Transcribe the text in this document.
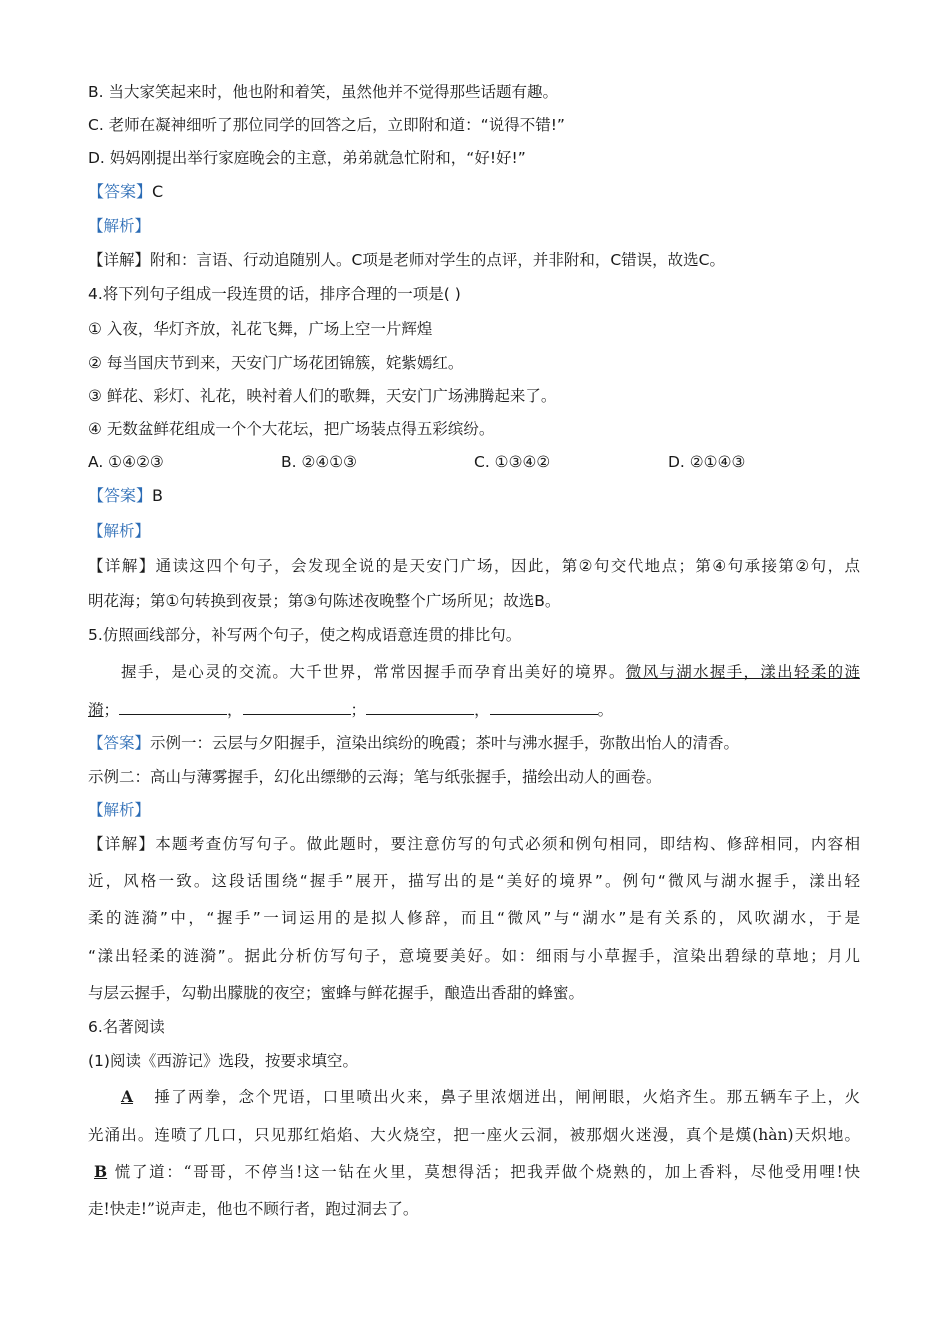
B. 当大家笑起来时，他也附和着笑，虽然他并不觉得那些话题有趣。
C. 老师在凝神细听了那位同学的回答之后，立即附和道：“说得不错!”
D. 妈妈刚提出举行家庭晚会的主意，弟弟就急忙附和，“好!好!”
【答案】C
【解析】
【详解】附和：言语、行动追随别人。C项是老师对学生的点评，并非附和，C错误，故选C。
4.将下列句子组成一段连贯的话，排序合理的一项是( )
① 入夜，华灯齐放，礼花飞舞，广场上空一片辉煌
② 每当国庆节到来，天安门广场花团锦簇，姹紫嫣红。
③ 鲜花、彩灯、礼花，映衬着人们的歌舞，天安门广场沸腾起来了。
④ 无数盆鲜花组成一个个大花坛，把广场装点得五彩缤纷。
A. ①④②③	B. ②④①③	C. ①③④②	D. ②①④③
【答案】B
【解析】
【详解】通读这四个句子，会发现全说的是天安门广场，因此，第②句交代地点；第④句承接第②句，点
明花海；第①句转换到夜景；第③句陈述夜晚整个广场所见；故选B。
5.仿照画线部分，补写两个句子，使之构成语意连贯的排比句。
握手，是心灵的交流。大千世界，常常因握手而孕育出美好的境界。微风与湖水握手，漾出轻柔的涟
漪；	，	；	，	。
【答案】示例一：云层与夕阳握手，渲染出缤纷的晚霞；茶叶与沸水握手，弥散出怡人的清香。
示例二：高山与薄雾握手，幻化出缥缈的云海；笔与纸张握手，描绘出动人的画卷。
【解析】
【详解】本题考查仿写句子。做此题时，要注意仿写的句式必须和例句相同，即结构、修辞相同，内容相
近，风格一致。这段话围绕“握手”展开，描写出的是“美好的境界”。例句“微风与湖水握手，漾出轻
柔的涟漪”中，“握手”一词运用的是拟人修辞，而且“微风”与“湖水”是有关系的，风吹湖水，于是
“漾出轻柔的涟漪”。据此分析仿写句子，意境要美好。如：细雨与小草握手，渲染出碧绿的草地；月儿
与层云握手，勾勒出朦胧的夜空；蜜蜂与鲜花握手，酿造出香甜的蜂蜜。
6.名著阅读
(1)阅读《西游记》选段，按要求填空。
A 捶了两拳，念个咒语，口里喷出火来，鼻子里浓烟迸出，闸闸眼，火焰齐生。那五辆车子上，火
光涌出。连喷了几口，只见那红焰焰、大火烧空，把一座火云洞，被那烟火迷漫，真个是熯(hàn)天炽地。
B 慌了道：“哥哥，不停当!这一钻在火里，莫想得活；把我弄做个烧熟的，加上香料，尽他受用哩!快
走!快走!”说声走，他也不顾行者，跑过洞去了。
